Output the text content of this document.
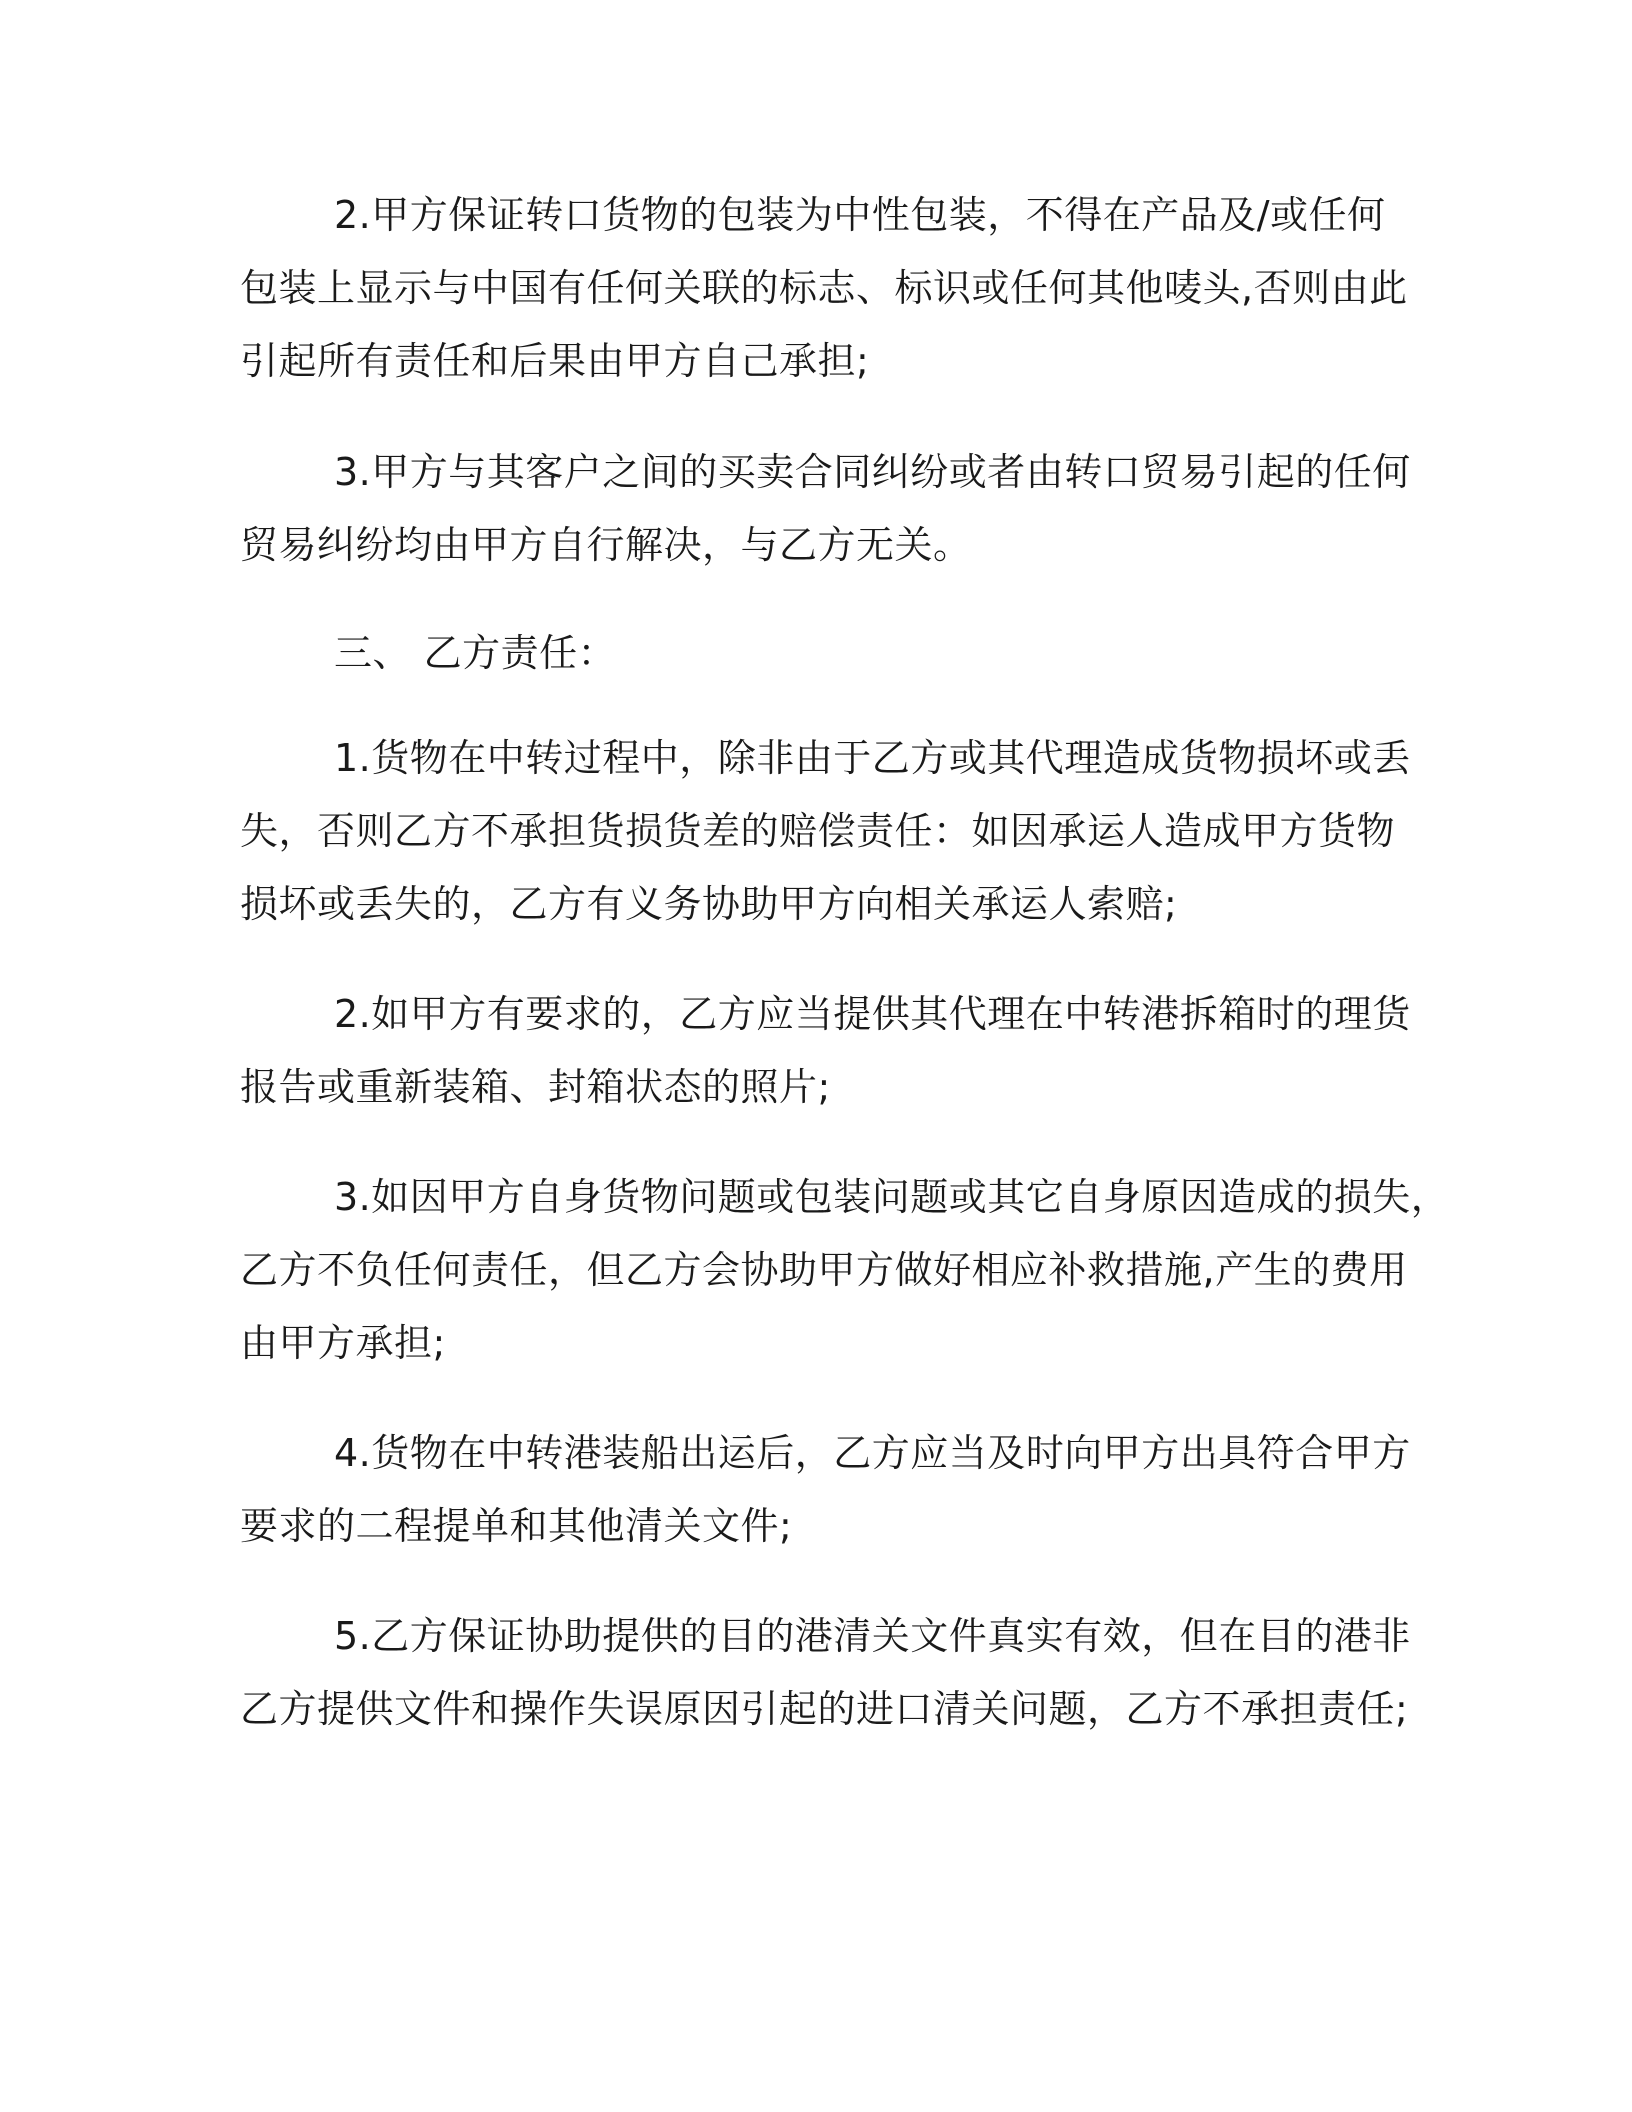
2.甲方保证转口货物的包装为中性包装，不得在产品及/或任何
包装上显示与中国有任何关联的标志、标识或任何其他唛头,否则由此
引起所有责任和后果由甲方自己承担;
3.甲方与其客户之间的买卖合同纠纷或者由转口贸易引起的任何
贸易纠纷均由甲方自行解决，与乙方无关。
三、 乙方责任：
1.货物在中转过程中，除非由于乙方或其代理造成货物损坏或丢
失，否则乙方不承担货损货差的赔偿责任：如因承运人造成甲方货物
损坏或丢失的，乙方有义务协助甲方向相关承运人索赔;
2.如甲方有要求的，乙方应当提供其代理在中转港拆箱时的理货
报告或重新装箱、封箱状态的照片;
3.如因甲方自身货物问题或包装问题或其它自身原因造成的损失，
乙方不负任何责任，但乙方会协助甲方做好相应补救措施,产生的费用
由甲方承担;
4.货物在中转港装船出运后，乙方应当及时向甲方出具符合甲方
要求的二程提单和其他清关文件;
5.乙方保证协助提供的目的港清关文件真实有效，但在目的港非
乙方提供文件和操作失误原因引起的进口清关问题，乙方不承担责任;
